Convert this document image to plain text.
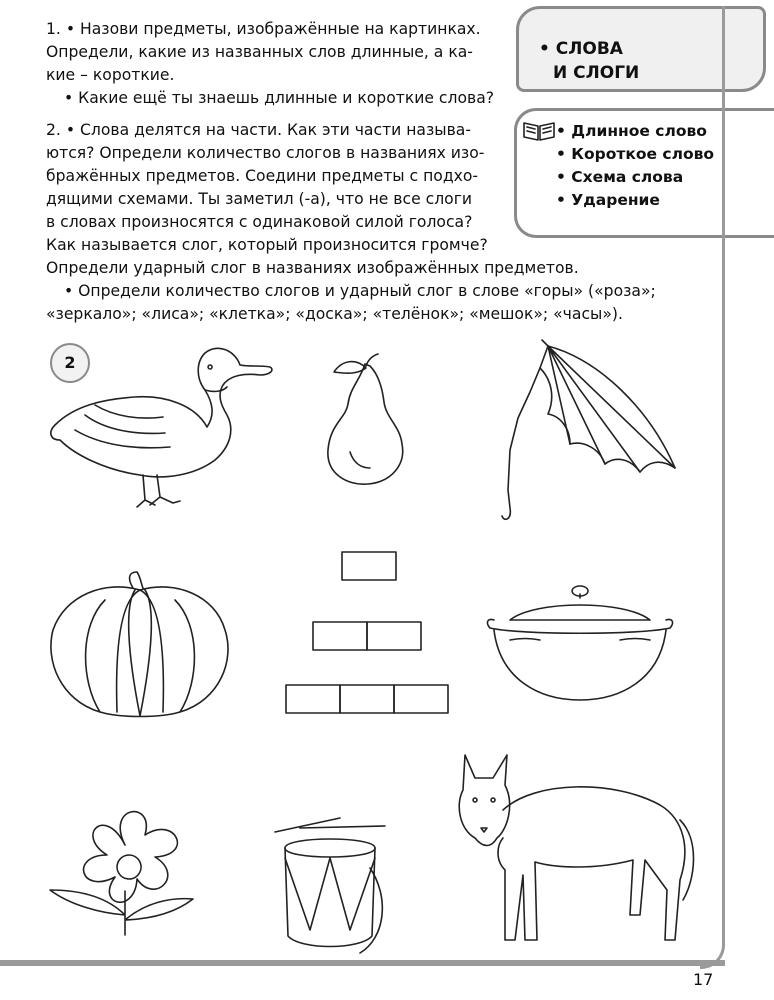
1. • Назови предметы, изображённые на картинках.
Определи, какие из названных слов длинные, а ка-
кие – короткие.
• Какие ещё ты знаешь длинные и короткие слова?
2. • Слова делятся на части. Как эти части называ-
ются? Определи количество слогов в названиях изо-
бражённых предметов. Соедини предметы с подхо-
дящими схемами. Ты заметил (-а), что не все слоги
в словах произносятся с одинаковой силой голоса?
Как называется слог, который произносится громче?
Определи ударный слог в названиях изображённых предметов.
• Определи количество слогов и ударный слог в слове «горы» («роза»;
«зеркало»; «лиса»; «клетка»; «доска»; «телёнок»; «мешок»; «часы»).
• СЛОВА
И СЛОГИ
• Длинное слово
• Короткое слово
• Схема слова
• Ударение
17
2
